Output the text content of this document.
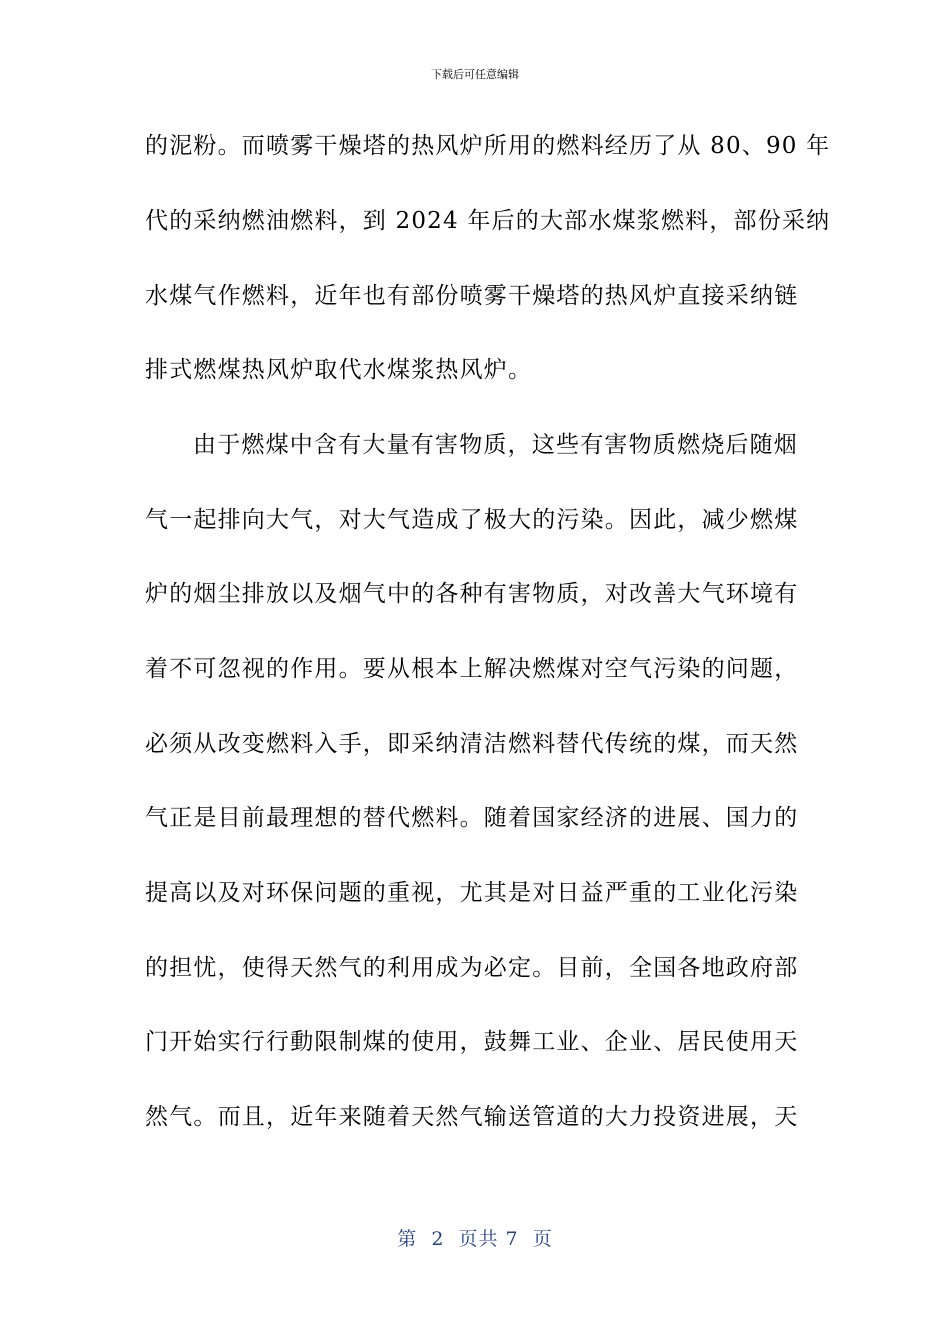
下载后可任意编辑
的泥粉。而喷雾干燥塔的热风炉所用的燃料经历了从 80、90 年
代的采纳燃油燃料，到 2024 年后的大部水煤浆燃料，部份采纳
水煤气作燃料，近年也有部份喷雾干燥塔的热风炉直接采纳链
排式燃煤热风炉取代水煤浆热风炉。
由于燃煤中含有大量有害物质，这些有害物质燃烧后随烟
气一起排向大气，对大气造成了极大的污染。因此，减少燃煤
炉的烟尘排放以及烟气中的各种有害物质，对改善大气环境有
着不可忽视的作用。要从根本上解决燃煤对空气污染的问题，
必须从改变燃料入手，即采纳清洁燃料替代传统的煤，而天然
气正是目前最理想的替代燃料。随着国家经济的进展、国力的
提高以及对环保问题的重视，尤其是对日益严重的工业化污染
的担忧，使得天然气的利用成为必定。目前，全国各地政府部
门开始实行行動限制煤的使用，鼓舞工业、企业、居民使用天
然气。而且，近年来随着天然气输送管道的大力投资进展，天
第  2  页共 7  页
